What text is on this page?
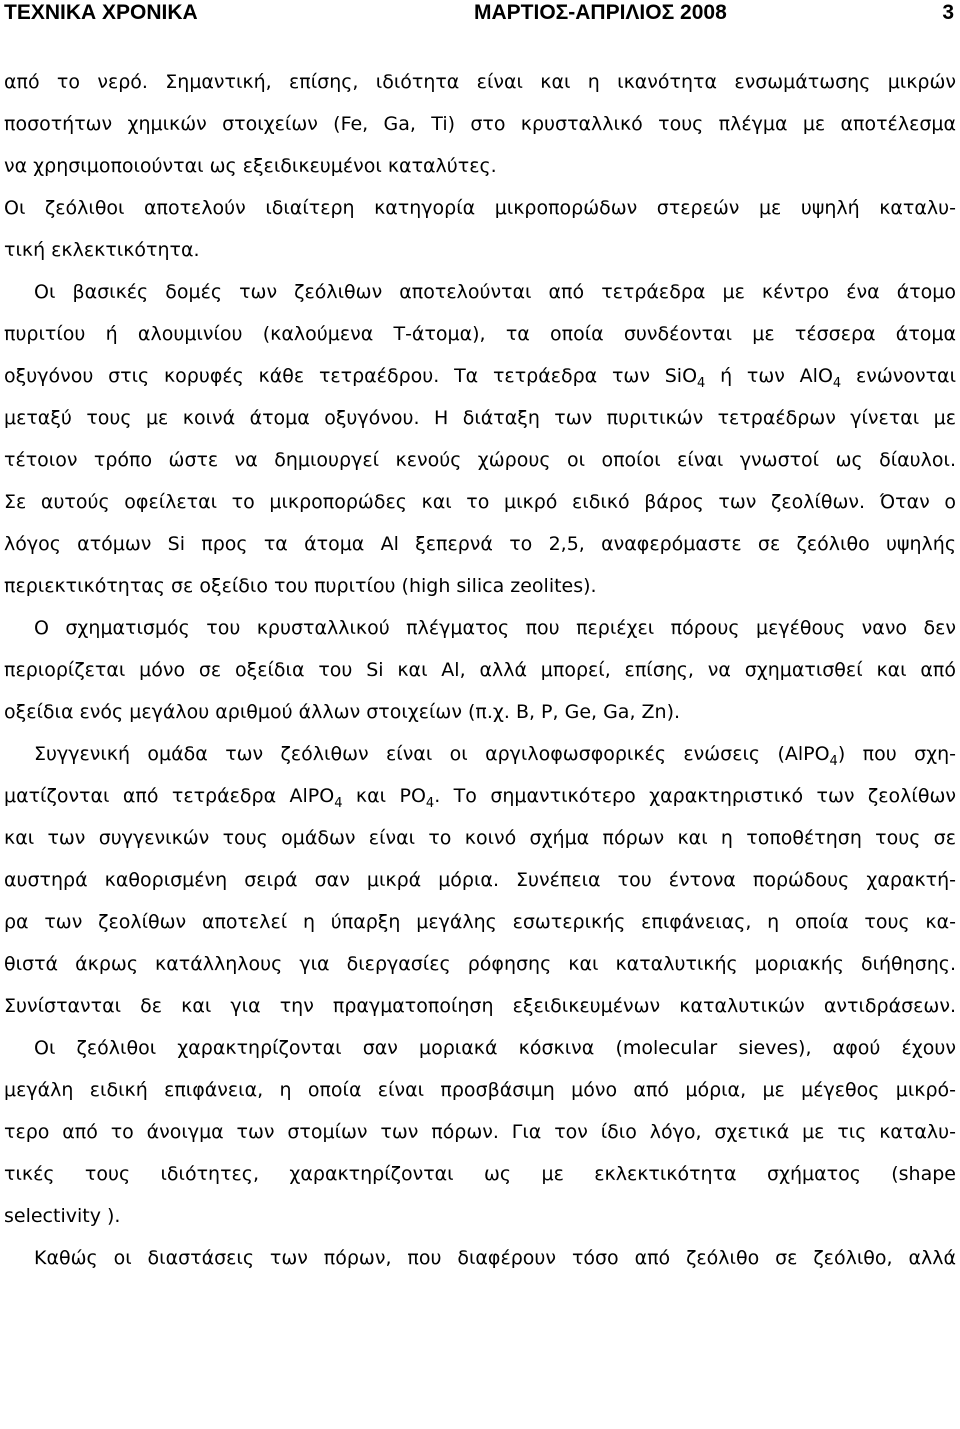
ΤΕΧΝΙΚΑ ΧΡΟΝΙΚΑ	ΜΑΡΤΙΟΣ-ΑΠΡΙΛΙΟΣ 2008	3
από το νερό. Σημαντική, επίσης, ιδιότητα είναι και η ικανότητα ενσωμάτωσης μικρών
ποσοτήτων χημικών στοιχείων (Fe, Ga, Ti) στο κρυσταλλικό τους πλέγμα με αποτέλεσμα
να χρησιμοποιούνται ως εξειδικευμένοι καταλύτες.
Οι ζεόλιθοι αποτελούν ιδιαίτερη κατηγορία μικροπορώδων στερεών με υψηλή καταλυ-
τική εκλεκτικότητα.
Οι βασικές δομές των ζεόλιθων αποτελούνται από τετράεδρα με κέντρο ένα άτομο
πυριτίου ή αλουμινίου (καλούμενα Τ-άτομα), τα οποία συνδέονται με τέσσερα άτομα
οξυγόνου στις κορυφές κάθε τετραέδρου. Τα τετράεδρα των SiO$_4$ ή των AlO$_4$ ενώνονται
μεταξύ τους με κοινά άτομα οξυγόνου. Η διάταξη των πυριτικών τετραέδρων γίνεται με
τέτοιον τρόπο ώστε να δημιουργεί κενούς χώρους οι οποίοι είναι γνωστοί ως δίαυλοι.
Σε αυτούς οφείλεται το μικροπορώδες και το μικρό ειδικό βάρος των ζεολίθων. Όταν ο
λόγος ατόμων Si προς τα άτομα Al ξεπερνά το 2,5, αναφερόμαστε σε ζεόλιθο υψηλής
περιεκτικότητας σε οξείδιο του πυριτίου (high silica zeolites).
Ο σχηματισμός του κρυσταλλικού πλέγματος που περιέχει πόρους μεγέθους νανο δεν
περιορίζεται μόνο σε οξείδια του Si και Al, αλλά μπορεί, επίσης, να σχηματισθεί και από
οξείδια ενός μεγάλου αριθμού άλλων στοιχείων (π.χ. B, P, Ge, Ga, Zn).
Συγγενική ομάδα των ζεόλιθων είναι οι αργιλοφωσφορικές ενώσεις (AlPO$_4$) που σχη-
ματίζονται από τετράεδρα AlPO$_4$ και $PO_4$. Το σημαντικότερο χαρακτηριστικό των ζεολίθων
και των συγγενικών τους ομάδων είναι το κοινό σχήμα πόρων και η τοποθέτηση τους σε
αυστηρά καθορισμένη σειρά σαν μικρά μόρια. Συνέπεια του έντονα πορώδους χαρακτή-
ρα των ζεολίθων αποτελεί η ύπαρξη μεγάλης εσωτερικής επιφάνειας, η οποία τους κα-
θιστά άκρως κατάλληλους για διεργασίες ρόφησης και καταλυτικής μοριακής διήθησης.
Συνίστανται δε και για την πραγματοποίηση εξειδικευμένων καταλυτικών αντιδράσεων.
Οι ζεόλιθοι χαρακτηρίζονται σαν μοριακά κόσκινα (molecular sieves), αφού έχουν
μεγάλη ειδική επιφάνεια, η οποία είναι προσβάσιμη μόνο από μόρια, με μέγεθος μικρό-
τερο από το άνοιγμα των στομίων των πόρων. Για τον ίδιο λόγο, σχετικά με τις καταλυ-
τικές τους ιδιότητες, χαρακτηρίζονται ως με εκλεκτικότητα σχήματος (shape
selectivity ).
Καθώς οι διαστάσεις των πόρων, που διαφέρουν τόσο από ζεόλιθο σε ζεόλιθο, αλλά
